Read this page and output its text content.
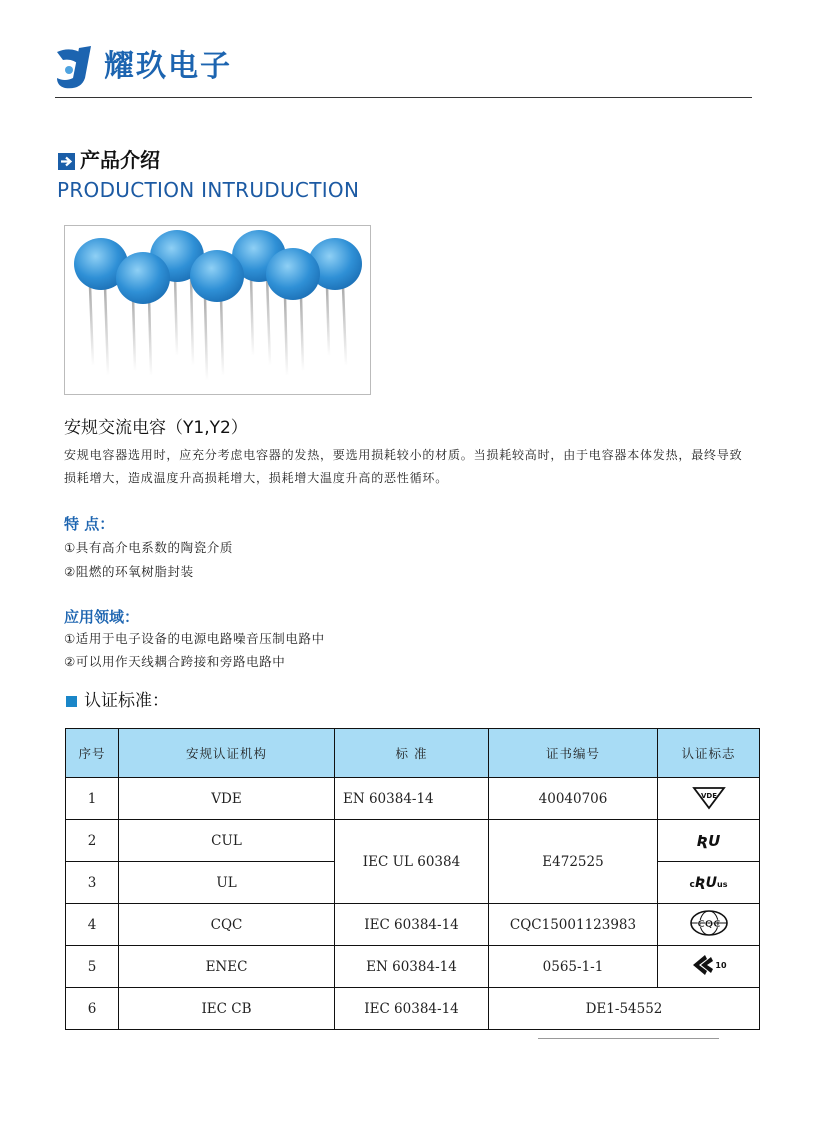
耀玖电子
产品介绍
PRODUCTION INTRUDUCTION
安规交流电容（Y1,Y2）
安规电容器选用时，应充分考虑电容器的发热，要选用损耗较小的材质。当损耗较高时，由于电容器本体发热，最终导致损耗增大，造成温度升高损耗增大，损耗增大温度升高的恶性循环。
特 点：
①具有高介电系数的陶瓷介质
②阻燃的环氧树脂封装
应用领域：
①适用于电子设备的电源电路噪音压制电路中
②可以用作天线耦合跨接和旁路电路中
认证标准：
序号	安规认证机构	标 准	证书编号	认证标志
1	VDE	EN 60384-14	40040706	VDE

2	CUL	IEC UL 60384	E472525	ƦU
3	UL			cƦUus
4	CQC	IEC 60384-14	CQC15001123983	CQC

5	ENEC	EN 60384-14	0565-1-1	10

6	IEC CB	IEC 60384-14	DE1-54552	
